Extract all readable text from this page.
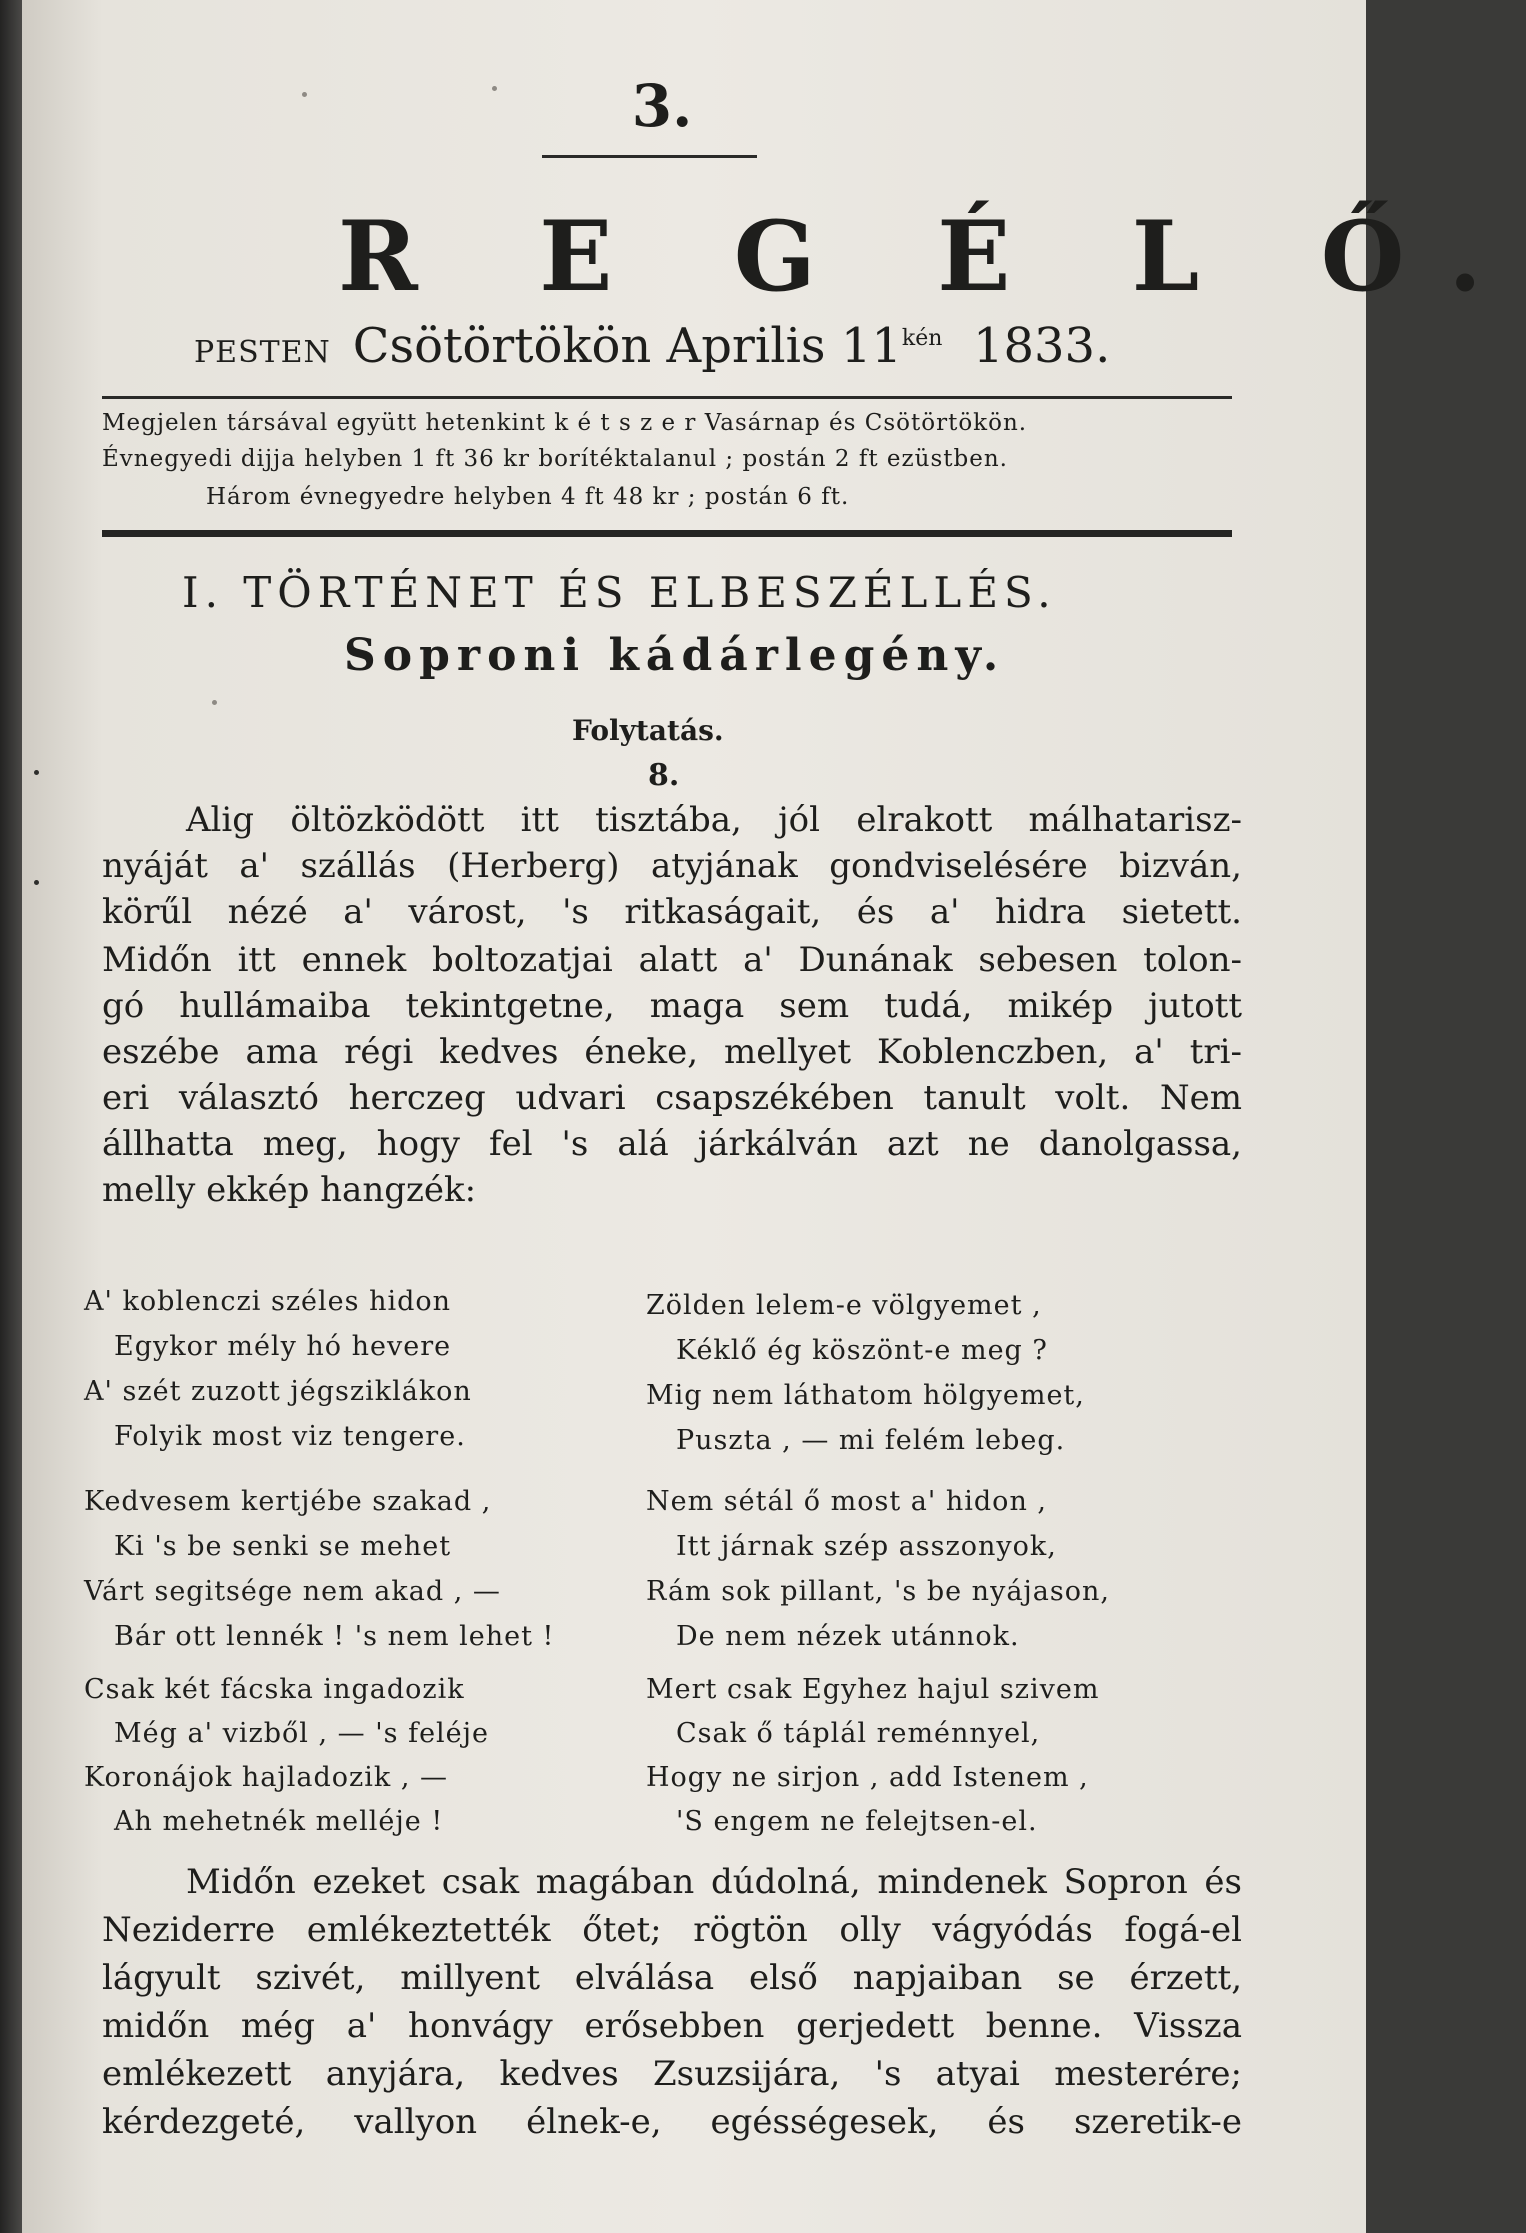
3.
R E G É L Ő.
PESTEN Csötörtökön Aprilis $11^{kén}$ 1833.
Megjelen társával együtt hetenkint k é t s z e r Vasárnap és Csötörtökön.
Évnegyedi dijja helyben 1 ft 36 kr borítéktalanul ; postán 2 ft ezüstben.
Három évnegyedre helyben 4 ft 48 kr ; postán 6 ft.
I. TÖRTÉNET ÉS ELBESZÉLLÉS.
Soproni kádárlegény.
Folytatás.
8.
Alig öltözködött itt tisztába, jól elrakott málhatarisz-
nyáját a' szállás (Herberg) atyjának gondviselésére bizván,
körűl nézé a' várost, 's ritkaságait, és a' hidra sietett.
Midőn itt ennek boltozatjai alatt a' Dunának sebesen tolon-
gó hullámaiba tekintgetne, maga sem tudá, mikép jutott
eszébe ama régi kedves éneke, mellyet Koblenczben, a' tri-
eri választó herczeg udvari csapszékében tanult volt. Nem
állhatta meg, hogy fel 's alá járkálván azt ne danolgassa,
melly ekkép hangzék:
A' koblenczi széles hidon
Egykor mély hó hevere
A' szét zuzott jégsziklákon
Folyik most viz tengere.
Kedvesem kertjébe szakad ,
Ki 's be senki se mehet
Várt segitsége nem akad , —
Bár ott lennék ! 's nem lehet !
Csak két fácska ingadozik
Még a' vizből , — 's feléje
Koronájok hajladozik , —
Ah mehetnék melléje !
Zölden lelem-e völgyemet ,
Kéklő ég köszönt-e meg ?
Mig nem láthatom hölgyemet,
Puszta , — mi felém lebeg.
Nem sétál ő most a' hidon ,
Itt járnak szép asszonyok,
Rám sok pillant, 's be nyájason,
De nem nézek utánnok.
Mert csak Egyhez hajul szivem
Csak ő táplál reménnyel,
Hogy ne sirjon , add Istenem ,
'S engem ne felejtsen-el.
Midőn ezeket csak magában dúdolná, mindenek Sopron és
Neziderre emlékeztették őtet; rögtön olly vágyódás fogá-el
lágyult szivét, millyent elválása első napjaiban se érzett,
midőn még a' honvágy erősebben gerjedett benne. Vissza
emlékezett anyjára, kedves Zsuzsijára, 's atyai mesterére;
kérdezgeté, vallyon élnek-e, egésségesek, és szeretik-e
